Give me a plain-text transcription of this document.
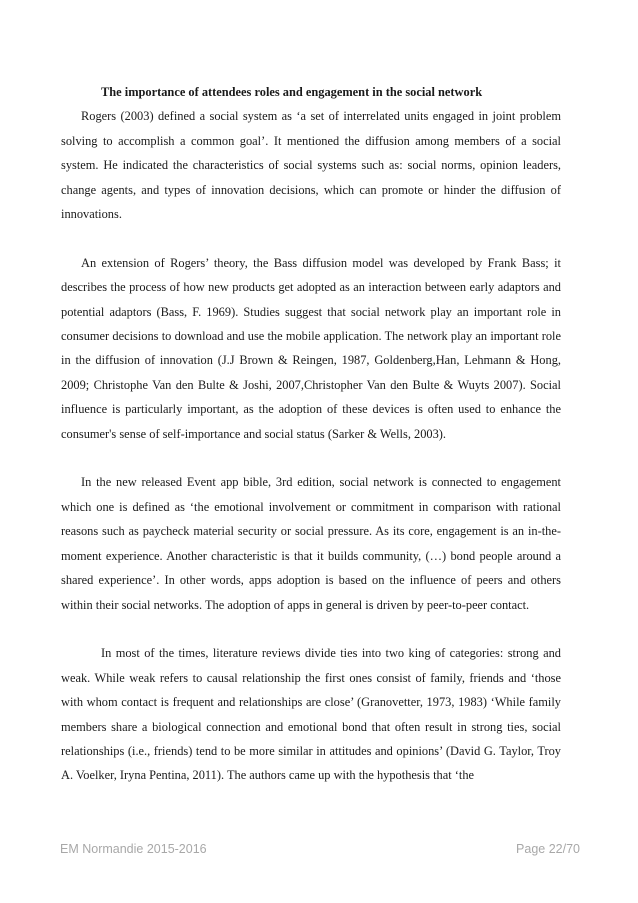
The importance of attendees roles and engagement in the social network

Rogers (2003) defined a social system as ‘a set of interrelated units engaged in joint problem solving to accomplish a common goal’. It mentioned the diffusion among members of a social system. He indicated the characteristics of social systems such as: social norms, opinion leaders, change agents, and types of innovation decisions, which can promote or hinder the diffusion of innovations.

An extension of Rogers’ theory, the Bass diffusion model was developed by Frank Bass; it describes the process of how new products get adopted as an interaction between early adaptors and potential adaptors (Bass, F. 1969). Studies suggest that social network play an important role in consumer decisions to download and use the mobile application. The network play an important role in the diffusion of innovation (J.J Brown & Reingen, 1987, Goldenberg,Han, Lehmann & Hong, 2009; Christophe Van den Bulte & Joshi, 2007,Christopher Van den Bulte & Wuyts 2007). Social influence is particularly important, as the adoption of these devices is often used to enhance the consumer's sense of self-importance and social status (Sarker & Wells, 2003).

In the new released Event app bible, 3rd edition, social network is connected to engagement which one is defined as ‘the emotional involvement or commitment in comparison with rational reasons such as paycheck material security or social pressure. As its core, engagement is an in-the-moment experience. Another characteristic is that it builds community, (…) bond people around a shared experience’. In other words, apps adoption is based on the influence of peers and others within their social networks. The adoption of apps in general is driven by peer-to-peer contact.

In most of the times, literature reviews divide ties into two king of categories: strong and weak. While weak refers to causal relationship the first ones consist of family, friends and ‘those with whom contact is frequent and relationships are close’ (Granovetter, 1973, 1983) ‘While family members share a biological connection and emotional bond that often result in strong ties, social relationships (i.e., friends) tend to be more similar in attitudes and opinions’ (David G. Taylor, Troy A. Voelker, Iryna Pentina, 2011). The authors came up with the hypothesis that ‘the

EM Normandie 2015-2016	Page 22/70
